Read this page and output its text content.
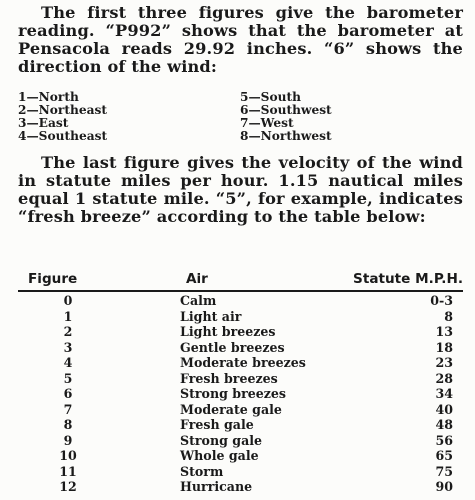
The first three figures give the barometer reading. “P992” shows that the barometer at Pensacola reads 29.92 inches. “6” shows the direction of the wind:

1—North
2—Northeast
3—East
4—Southeast
5—South
6—Southwest
7—West
8—Northwest

The last figure gives the velocity of the wind in statute miles per hour. 1.15 nautical miles equal 1 statute mile. “5”, for example, indicates “fresh breeze” according to the table below:

Figure	Air	Statute M.P.H.
0	Calm	0-3
1	Light air	8
2	Light breezes	13
3	Gentle breezes	18
4	Moderate breezes	23
5	Fresh breezes	28
6	Strong breezes	34
7	Moderate gale	40
8	Fresh gale	48
9	Strong gale	56
10	Whole gale	65
11	Storm	75
12	Hurricane	90
